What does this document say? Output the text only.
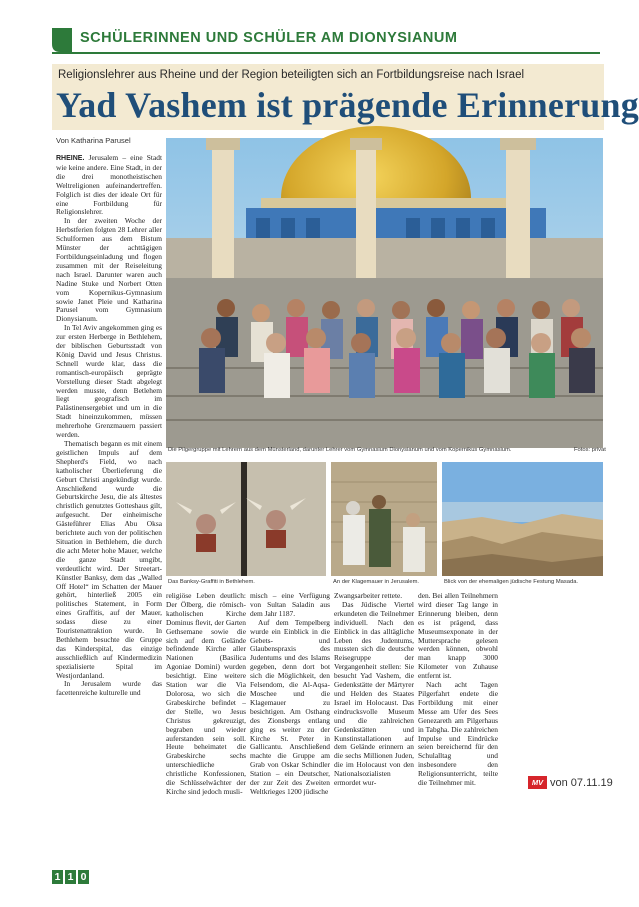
SCHÜLERINNEN UND SCHÜLER AM DIONYSIANUM
Religionslehrer aus Rheine und der Region beteiligten sich an Fortbildungsreise nach Israel
Yad Vashem ist prägende Erinnerung
Von Katharina Parusel

RHEINE. Jerusalem – eine Stadt wie keine andere. Eine Stadt, in der die drei monotheistischen Weltreligionen aufeinandertreffen. Folglich ist dies der ideale Ort für eine Fortbildung für Religionslehrer.

In der zweiten Woche der Herbstferien folgten 28 Lehrer aller Schulformen aus dem Bistum Münster der achttägigen Fortbildungseinladung und flogen zusammen mit der Reiseleitung nach Israel. Darunter waren auch Nadine Stuke und Norbert Otten vom Kopernikus-Gymnasium sowie Janet Pleie und Katharina Parusel vom Gymnasium Dionysianum.

In Tel Aviv angekommen ging es zur ersten Herberge in Bethlehem, der biblischen Geburtsstadt von König David und Jesus Christus. Schnell wurde klar, dass die romantisch-europäisch geprägte Vorstellung dieser Stadt abgelegt werden musste, denn Betlehem liegt geografisch im Palästinensergebiet und um in die Stadt hineinzukommen, müssen mehrerhohe Grenzmauern passiert werden.

Thematisch begann es mit einem geistlichen Impuls auf dem Shepherd's Field, wo nach katholischer Überlieferung die Geburt Christi angekündigt wurde. Anschließend wurde die Geburtskirche Jesu, die als ältestes christlich genutztes Gotteshaus gilt, aufgesucht. Der einheimische Gästeführer Elias Abu Oksa berichtete auch von der politischen Situation in Bethlehem, die durch die acht Meter hohe Mauer, welche die ganze Stadt umgibt, verdeutlicht wird. Der Streetart-Künstler Banksy, dem das „Walled Off Hotel“ im Schatten der Mauer gehört, hinterließ 2005 ein politisches Statement, in Form eines Graffitis, auf der Mauer, sodass diese zu einer Touristenattraktion wurde. In Bethlehem besuchte die Gruppe das Kinderspital, das einzige ausschließlich auf Kindermedizin spezialisierte Spital im Westjordanland.

In Jerusalem wurde das facettenreiche kulturelle und

Die Pilgergruppe mit Lehrern aus dem Münsterland, darunter Lehrer vom Gymnasium Dionysianum und vom Kopernikus Gymnasium.	Fotos: privat
Das Banksy-Graffiti in Bethlehem.	An der Klagemauer in Jerusalem.	Blick von der ehemaligen jüdische Festung Masada.

religiöse Leben deutlich: Der Ölberg, die römisch-katholischen Kirche Dominus flevit, der Garten Gethsemane sowie die sich auf dem Gelände befindende Kirche aller Nationen (Basilica Agoniae Domini) wurden besichtigt. Eine weitere Station war die Via Dolorosa, wo sich die Grabeskirche befindet – der Stelle, wo Jesus Christus gekreuzigt, begraben und wieder auferstanden sein soll. Heute beheimatet die Grabeskirche sechs unterschiedliche christliche Konfessionen, die Schlüsselwächter der Kirche sind jedoch musli-

misch – eine Verfügung von Sultan Saladin aus dem Jahr 1187.

Auf dem Tempelberg wurde ein Einblick in die Gebets- und Glaubenspraxis des Judentums und des Islams gegeben, denn dort bot sich die Möglichkeit, den Felsendom, die Al-Aqsa-Moschee und die Klagemauer zu besichtigen. Am Osthang des Zionsbergs entlang ging es weiter zu der Kirche St. Peter in Gallicantu. Anschließend machte die Gruppe am Grab von Oskar Schindler Station – ein Deutscher, der zur Zeit des Zweiten Weltkrieges 1200 jüdische

Zwangsarbeiter rettete.

Das Jüdische Viertel erkundeten die Teilnehmer individuell. Nach den Einblick in das alltägliche Leben des Judentums, mussten sich die deutsche Reisegruppe der Vergangenheit stellen: Sie besucht Yad Vashem, die Gedenkstätte der Märtyrer und Helden des Staates Israel im Holocaust. Das eindrucksvolle Museum und die zahlreichen Gedenkstätten und Kunstinstallationen auf dem Gelände erinnern an die sechs Millionen Juden, die im Holocaust von den Nationalsozialisten ermordet wur-

den. Bei allen Teilnehmern wird dieser Tag lange in Erinnerung bleiben, denn es ist prägend, dass Museumsexponate in der Muttersprache gelesen werden können, obwohl man knapp 3000 Kilometer von Zuhause entfernt ist.

Nach acht Tagen Pilgerfahrt endete die Fortbildung mit einer Messe am Ufer des Sees Genezareth am Pilgerhaus in Tabgha. Die zahlreichen Impulse und Eindrücke seien bereichernd für den Schulalltag und insbesondere den Religionsunterricht, teilte die Teilnehmer mit.	MV von 07.11.19
1 1 0
